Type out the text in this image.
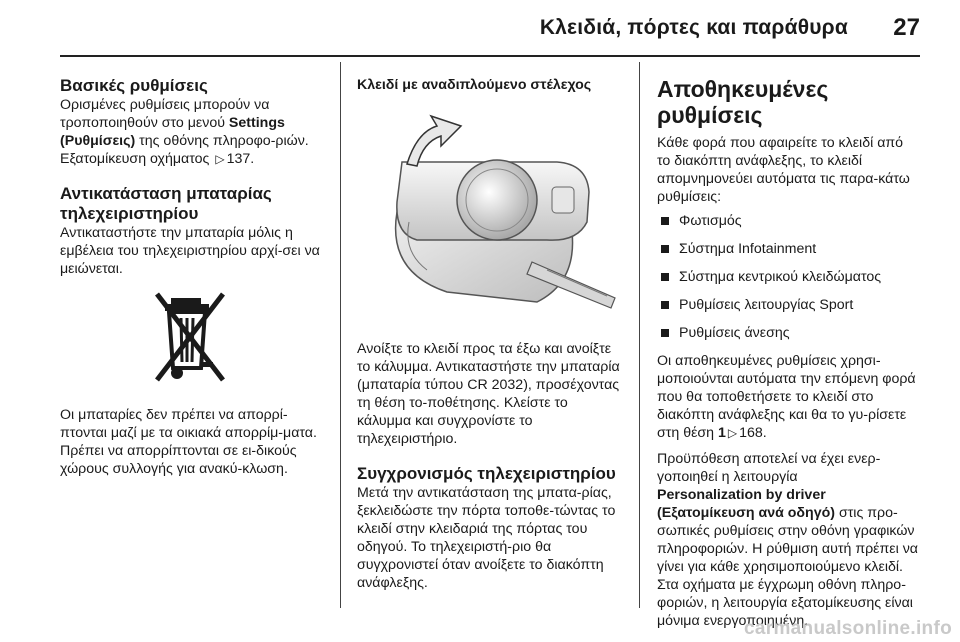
Κλειδιά, πόρτες και παράθυρα 27
Βασικές ρυθμίσεις

Ορισμένες ρυθμίσεις μπορούν να τροποποιηθούν στο μενού Settings (Ρυθμίσεις) της οθόνης πληροφο-ριών. Εξατομίκευση οχήματος ▷ 137.

Αντικατάσταση μπαταρίας τηλεχειριστηρίου

Αντικαταστήστε την μπαταρία μόλις η εμβέλεια του τηλεχειριστηρίου αρχί-σει να μειώνεται.

Οι μπαταρίες δεν πρέπει να απορρί-πτονται μαζί με τα οικιακά απορρίμ-ματα. Πρέπει να απορρίπτονται σε ει-δικούς χώρους συλλογής για ανακύ-κλωση.

Κλειδί με αναδιπλούμενο στέλεχος

Ανοίξτε το κλειδί προς τα έξω και ανοίξτε το κάλυμμα. Αντικαταστήστε την μπαταρία (μπαταρία τύπου CR 2032), προσέχοντας τη θέση το-ποθέτησης. Κλείστε το κάλυμμα και συγχρονίστε το τηλεχειριστήριο.

Συγχρονισμός τηλεχειριστηρίου

Μετά την αντικατάσταση της μπατα-ρίας, ξεκλειδώστε την πόρτα τοποθε-τώντας το κλειδί στην κλειδαριά της πόρτας του οδηγού. Το τηλεχειριστή-ριο θα συγχρονιστεί όταν ανοίξετε το διακόπτη ανάφλεξης.

Αποθηκευμένες ρυθμίσεις

Κάθε φορά που αφαιρείτε το κλειδί από το διακόπτη ανάφλεξης, το κλειδί απομνημονεύει αυτόματα τις παρα-κάτω ρυθμίσεις:

Φωτισμός
Σύστημα Infotainment
Σύστημα κεντρικού κλειδώματος
Ρυθμίσεις λειτουργίας Sport
Ρυθμίσεις άνεσης

Οι αποθηκευμένες ρυθμίσεις χρησι-μοποιούνται αυτόματα την επόμενη φορά που θα τοποθετήσετε το κλειδί στο διακόπτη ανάφλεξης και θα το γυ-ρίσετε στη θέση 1 ▷ 168.

Προϋπόθεση αποτελεί να έχει ενερ-γοποιηθεί η λειτουργία

Personalization by driver (Εξατομίκευση ανά οδηγό) στις προ-σωπικές ρυθμίσεις στην οθόνη γραφικών πληροφοριών. Η ρύθμιση αυτή πρέπει να γίνει για κάθε χρησιμοποιούμενο κλειδί. Στα οχήματα με έγχρωμη οθόνη πληρο-φοριών, η λειτουργία εξατομίκευσης είναι μόνιμα ενεργοποιημένη.

carmanualsonline.info
